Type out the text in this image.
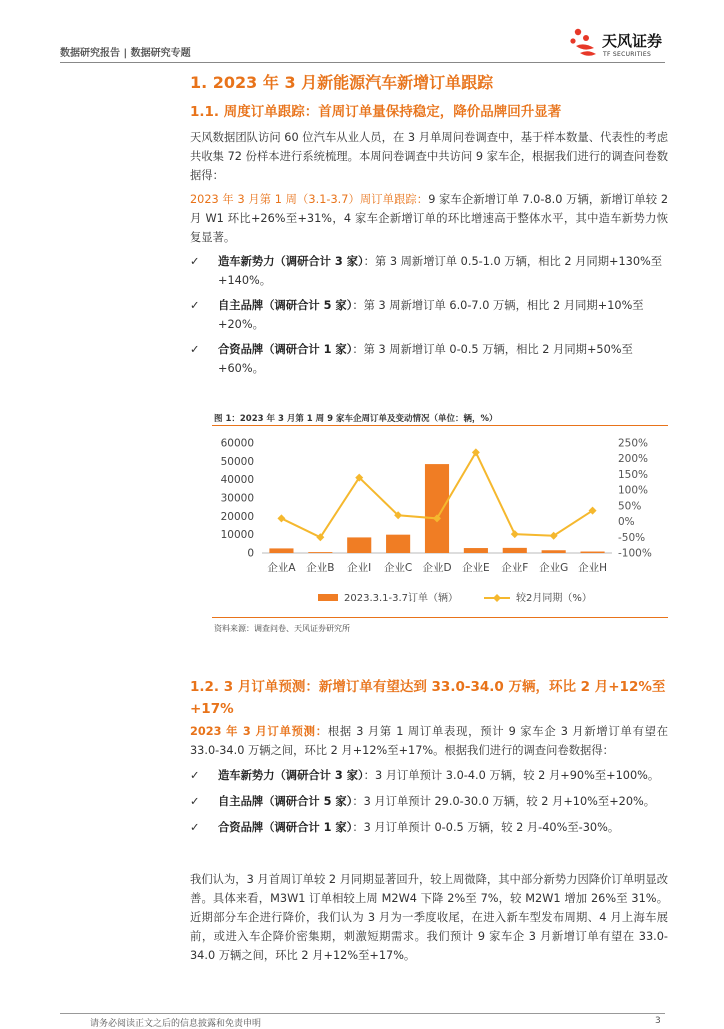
数据研究报告 | 数据研究专题
天风证券
TF SECURITIES
1. 2023 年 3 月新能源汽车新增订单跟踪
1.1. 周度订单跟踪：首周订单量保持稳定，降价品牌回升显著
天风数据团队访问 60 位汽车从业人员，在 3 月单周问卷调查中，基于样本数量、代表性的考虑共收集 72 份样本进行系统梳理。本周问卷调查中共访问 9 家车企，根据我们进行的调查问卷数据得：
2023 年 3 月第 1 周（3.1-3.7）周订单跟踪：9 家车企新增订单 7.0-8.0 万辆，新增订单较 2 月 W1 环比+26%至+31%，4 家车企新增订单的环比增速高于整体水平，其中造车新势力恢复显著。
✓ 造车新势力（调研合计 3 家）：第 3 周新增订单 0.5-1.0 万辆，相比 2 月同期+130%至+140%。
✓ 自主品牌（调研合计 5 家）：第 3 周新增订单 6.0-7.0 万辆，相比 2 月同期+10%至+20%。
✓ 合资品牌（调研合计 1 家）：第 3 周新增订单 0-0.5 万辆，相比 2 月同期+50%至+60%。
图 1：2023 年 3 月第 1 周 9 家车企周订单及变动情况（单位：辆，%）
60000
50000
40000
30000
20000
10000
0
250%
200%
150%
100%
50%
0%
-50%
-100%
企业A 企业B 企业I 企业C 企业D 企业E 企业F 企业G 企业H
2023.3.1-3.7订单（辆）	较2月同期（%）
资料来源：调查问卷、天风证券研究所
1.2. 3 月订单预测：新增订单有望达到 33.0-34.0 万辆，环比 2 月+12%至+17%
2023 年 3 月订单预测：根据 3 月第 1 周订单表现，预计 9 家车企 3 月新增订单有望在 33.0-34.0 万辆之间，环比 2 月+12%至+17%。根据我们进行的调查问卷数据得：
✓ 造车新势力（调研合计 3 家）：3 月订单预计 3.0-4.0 万辆，较 2 月+90%至+100%。
✓ 自主品牌（调研合计 5 家）：3 月订单预计 29.0-30.0 万辆，较 2 月+10%至+20%。
✓ 合资品牌（调研合计 1 家）：3 月订单预计 0-0.5 万辆，较 2 月-40%至-30%。
我们认为，3 月首周订单较 2 月同期显著回升，较上周微降，其中部分新势力因降价订单明显改善。具体来看，M3W1 订单相较上周 M2W4 下降 2%至 7%，较 M2W1 增加 26%至 31%。近期部分车企进行降价，我们认为 3 月为一季度收尾，在进入新车型发布周期、4 月上海车展前，或进入车企降价密集期，刺激短期需求。我们预计 9 家车企 3 月新增订单有望在 33.0-34.0 万辆之间，环比 2 月+12%至+17%。
请务必阅读正文之后的信息披露和免责申明	3
